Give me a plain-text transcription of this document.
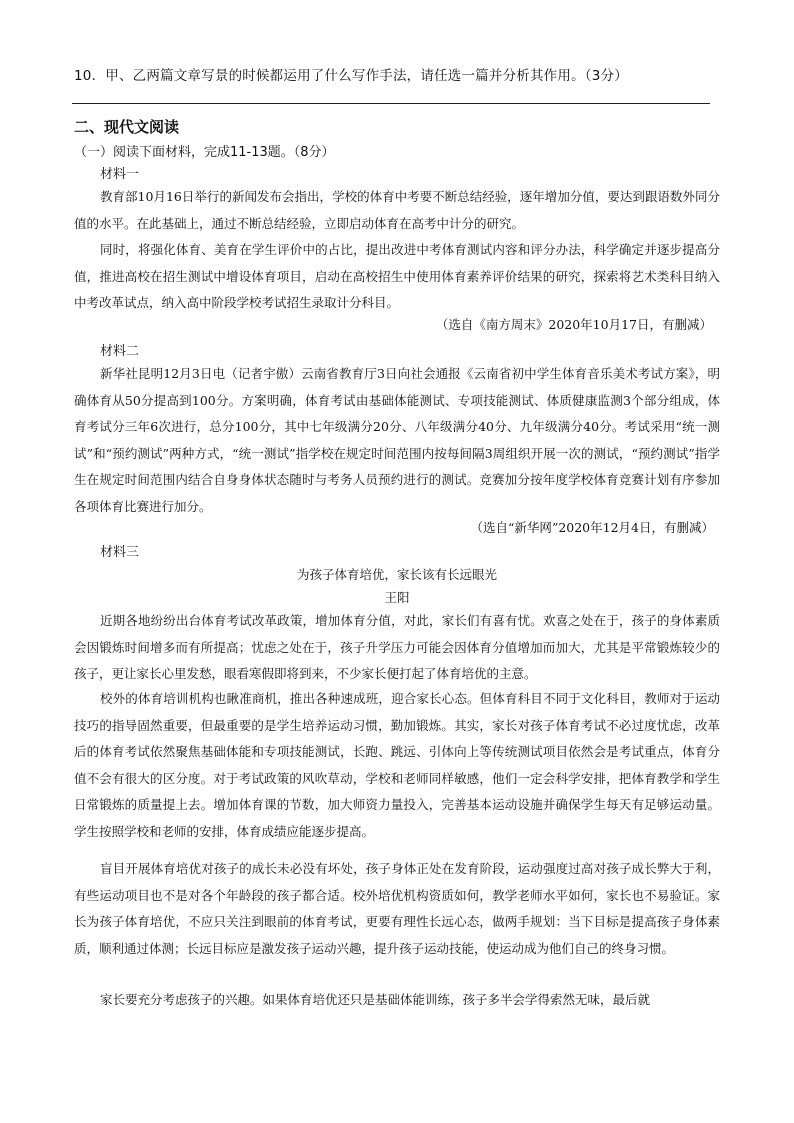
10．甲、乙两篇文章写景的时候都运用了什么写作手法，请任选一篇并分析其作用。（3分）
二、现代文阅读
（一）阅读下面材料，完成11-13题。（8分）
材料一
教育部10月16日举行的新闻发布会指出，学校的体育中考要不断总结经验，逐年增加分值，要达到跟语数外同分值的水平。在此基础上，通过不断总结经验，立即启动体育在高考中计分的研究。
同时，将强化体育、美育在学生评价中的占比，提出改进中考体育测试内容和评分办法，科学确定并逐步提高分值，推进高校在招生测试中增设体育项目，启动在高校招生中使用体育素养评价结果的研究，探索将艺术类科目纳入中考改革试点，纳入高中阶段学校考试招生录取计分科目。
（选自《南方周末》2020年10月17日，有删减）
材料二
新华社昆明12月3日电（记者宇傲）云南省教育厅3日向社会通报《云南省初中学生体育音乐美术考试方案》，明确体育从50分提高到100分。方案明确，体育考试由基础体能测试、专项技能测试、体质健康监测3个部分组成，体育考试分三年6次进行，总分100分，其中七年级满分20分、八年级满分40分、九年级满分40分。考试采用“统一测试”和“预约测试”两种方式，“统一测试”指学校在规定时间范围内按每间隔3周组织开展一次的测试，“预约测试”指学生在规定时间范围内结合自身身体状态随时与考务人员预约进行的测试。竞赛加分按年度学校体育竞赛计划有序参加各项体育比赛进行加分。
（选自“新华网”2020年12月4日，有删减）
材料三
为孩子体育培优，家长该有长远眼光
王阳
近期各地纷纷出台体育考试改革政策，增加体育分值，对此，家长们有喜有忧。欢喜之处在于，孩子的身体素质会因锻炼时间增多而有所提高；忧虑之处在于，孩子升学压力可能会因体育分值增加而加大，尤其是平常锻炼较少的孩子，更让家长心里发愁，眼看寒假即将到来，不少家长便打起了体育培优的主意。
校外的体育培训机构也瞅准商机，推出各种速成班，迎合家长心态。但体育科目不同于文化科目，教师对于运动技巧的指导固然重要，但最重要的是学生培养运动习惯，勤加锻炼。其实，家长对孩子体育考试不必过度忧虑，改革后的体育考试依然聚焦基础体能和专项技能测试，长跑、跳远、引体向上等传统测试项目依然会是考试重点，体育分值不会有很大的区分度。对于考试政策的风吹草动，学校和老师同样敏感，他们一定会科学安排，把体育教学和学生日常锻炼的质量提上去。增加体育课的节数，加大师资力量投入，完善基本运动设施并确保学生每天有足够运动量。学生按照学校和老师的安排，体育成绩应能逐步提高。
盲目开展体育培优对孩子的成长未必没有坏处，孩子身体正处在发育阶段，运动强度过高对孩子成长弊大于利，有些运动项目也不是对各个年龄段的孩子都合适。校外培优机构资质如何，教学老师水平如何，家长也不易验证。家长为孩子体育培优，不应只关注到眼前的体育考试，更要有理性长远心态，做两手规划：当下目标是提高孩子身体素质，顺利通过体测；长远目标应是激发孩子运动兴趣，提升孩子运动技能，使运动成为他们自己的终身习惯。
家长要充分考虑孩子的兴趣。如果体育培优还只是基础体能训练，孩子多半会学得索然无味，最后就
